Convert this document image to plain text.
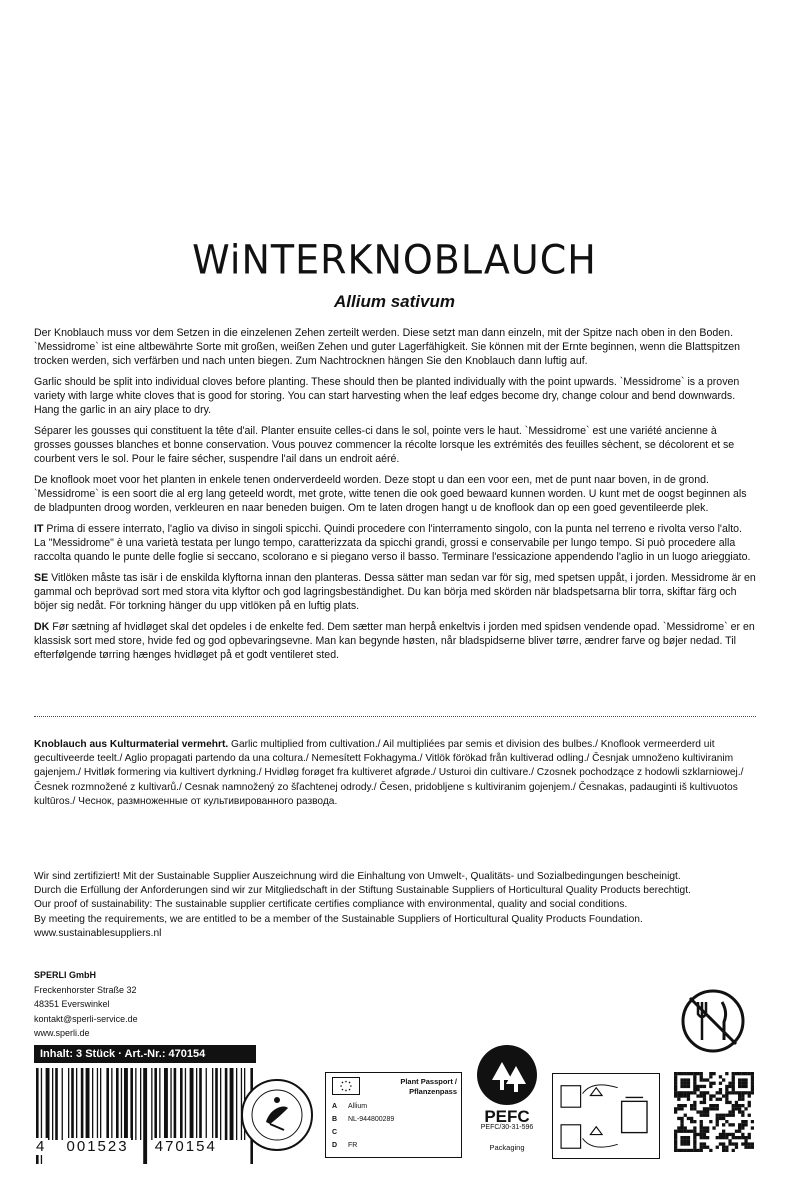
WiNTERKNOBLAUCH
Allium sativum

Der Knoblauch muss vor dem Setzen in die einzelenen Zehen zerteilt werden. Diese setzt man dann einzeln, mit der Spitze nach oben in den Boden. `Messidrome` ist eine altbewährte Sorte mit großen, weißen Zehen und guter Lagerfähigkeit. Sie können mit der Ernte beginnen, wenn die Blattspitzen trocken werden, sich verfärben und nach unten biegen. Zum Nachtrocknen hängen Sie den Knoblauch dann luftig auf.

Garlic should be split into individual cloves before planting. These should then be planted individually with the point upwards. `Messidrome` is a proven variety with large white cloves that is good for storing. You can start harvesting when the leaf edges become dry, change colour and bend downwards. Hang the garlic in an airy place to dry.

Séparer les gousses qui constituent la tête d'ail. Planter ensuite celles-ci dans le sol, pointe vers le haut. `Messidrome` est une variété ancienne à grosses gousses blanches et bonne conservation. Vous pouvez commencer la récolte lorsque les extrémités des feuilles sèchent, se décolorent et se courbent vers le sol. Pour le faire sécher, suspendre l'ail dans un endroit aéré.

De knoflook moet voor het planten in enkele tenen onderverdeeld worden. Deze stopt u dan een voor een, met de punt naar boven, in de grond. `Messidrome` is een soort die al erg lang geteeld wordt, met grote, witte tenen die ook goed bewaard kunnen worden. U kunt met de oogst beginnen als de bladpunten droog worden, verkleuren en naar beneden buigen. Om te laten drogen hangt u de knoflook dan op een goed geventileerde plek.

IT Prima di essere interrato, l'aglio va diviso in singoli spicchi. Quindi procedere con l'interramento singolo, con la punta nel terreno e rivolta verso l'alto. La "Messidrome" è una varietà testata per lungo tempo, caratterizzata da spicchi grandi, grossi e conservabile per lungo tempo. Si può procedere alla raccolta quando le punte delle foglie si seccano, scolorano e si piegano verso il basso. Terminare l'essicazione appendendo l'aglio in un luogo arieggiato.

SE Vitlöken måste tas isär i de enskilda klyftorna innan den planteras. Dessa sätter man sedan var för sig, med spetsen uppåt, i jorden. Messidrome är en gammal och beprövad sort med stora vita klyftor och god lagringsbeständighet. Du kan börja med skörden när bladspetsarna blir torra, skiftar färg och böjer sig nedåt. För torkning hänger du upp vitlöken på en luftig plats.

DK Før sætning af hvidløget skal det opdeles i de enkelte fed. Dem sætter man herpå enkeltvis i jorden med spidsen vendende opad. `Messidrome` er en klassisk sort med store, hvide fed og god opbevaringsevne. Man kan begynde høsten, når bladspidserne bliver tørre, ændrer farve og bøjer nedad. Til efterfølgende tørring hænges hvidløget på et godt ventileret sted.

Knoblauch aus Kulturmaterial vermehrt. Garlic multiplied from cultivation./ Ail multipliées par semis et division des bulbes./ Knoflook vermeerderd uit gecultiveerde teelt./ Aglio propagati partendo da una coltura./ Nemesített Fokhagyma./ Vitlök förökad från kultiverad odling./ Česnjak umnoženo kultiviranim gajenjem./ Hvitløk formering via kultivert dyrkning./ Hvidløg forøget fra kultiveret afgrøde./ Usturoi din cultivare./ Czosnek pochodzące z hodowli szklarniowej./ Česnek rozmnožené z kultivarů./ Cesnak namnožený zo šľachtenej odrody./ Česen, pridobljene s kultiviranim gojenjem./ Česnakas, padauginti iš kultivuotos kultūros./ Чеснок, размноженные от культивированного развода.
Wir sind zertifiziert! Mit der Sustainable Supplier Auszeichnung wird die Einhaltung von Umwelt-, Qualitäts- und Sozialbedingungen bescheinigt.
Durch die Erfüllung der Anforderungen sind wir zur Mitgliedschaft in der Stiftung Sustainable Suppliers of Horticultural Quality Products berechtigt.
Our proof of sustainability: The sustainable supplier certificate certifies compliance with environmental, quality and social conditions.
By meeting the requirements, we are entitled to be a member of the Sustainable Suppliers of Horticultural Quality Products Foundation.
www.sustainablesuppliers.nl
SPERLI GmbH
Freckenhorster Straße 32
48351 Everswinkel
kontakt@sperli-service.de
www.sperli.de
Inhalt: 3 Stück · Art.-Nr.: 470154
4 001523 470154
Plant Passport /
Pflanzenpass
A Allium
B NL-944800289
C
D FR
PEFC
PEFC/30-31-596
Packaging
